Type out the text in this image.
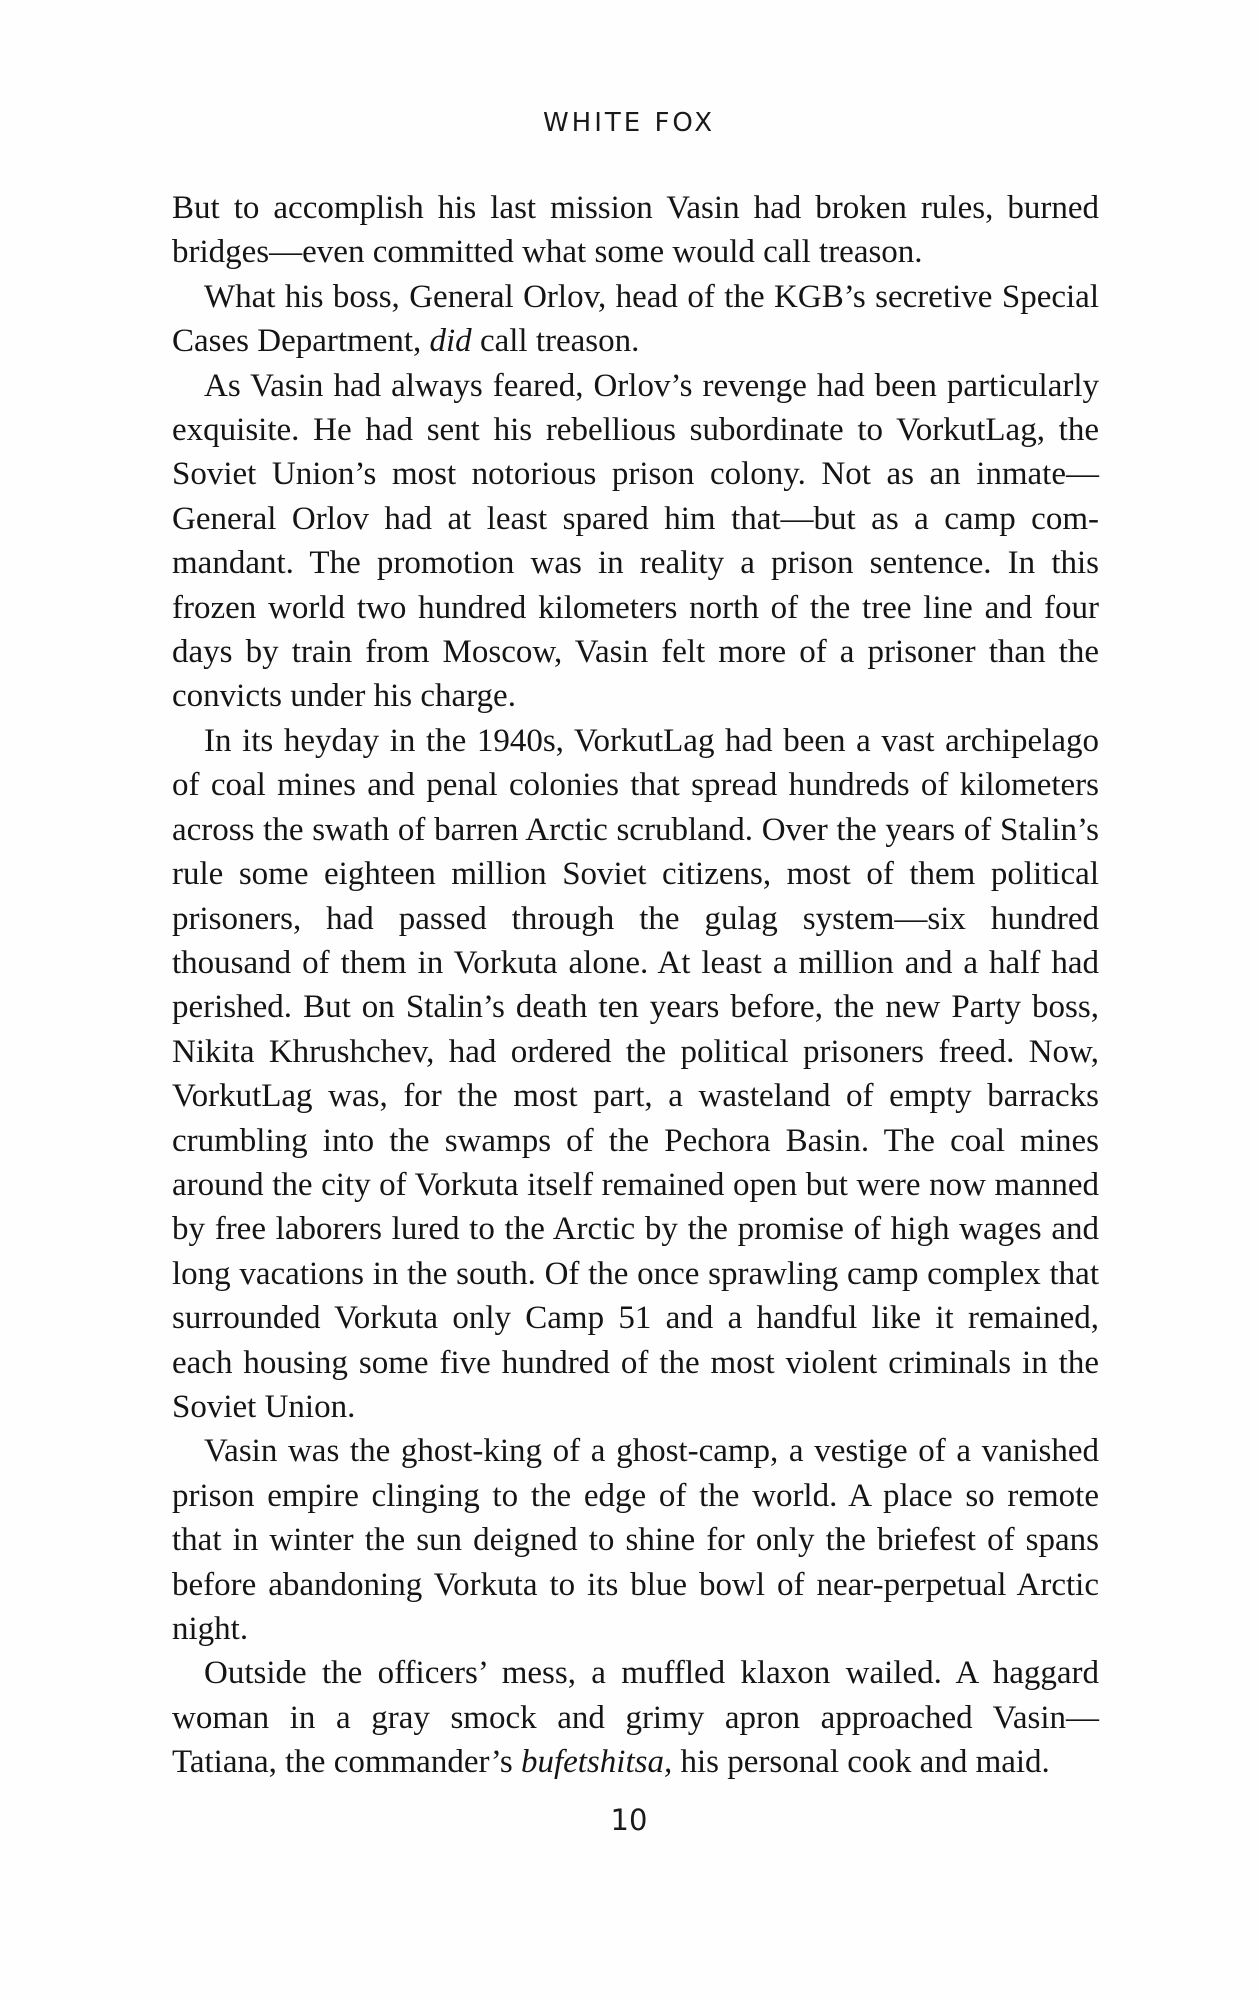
WHITE FOX

But to accomplish his last mission Vasin had broken rules, burned bridges—even committed what some would call treason.

What his boss, General Orlov, head of the KGB’s secretive Special Cases Department, did call treason.

As Vasin had always feared, Orlov’s revenge had been particularly exquisite. He had sent his rebellious subordinate to VorkutLag, the Soviet Union’s most notorious prison colony. Not as an inmate— General Orlov had at least spared him that—but as a camp commandant. The promotion was in reality a prison sentence. In this frozen world two hundred kilometers north of the tree line and four days by train from Moscow, Vasin felt more of a prisoner than the convicts under his charge.

In its heyday in the 1940s, VorkutLag had been a vast archipelago of coal mines and penal colonies that spread hundreds of kilometers across the swath of barren Arctic scrubland. Over the years of Stalin’s rule some eighteen million Soviet citizens, most of them political prisoners, had passed through the gulag system—six hundred thousand of them in Vorkuta alone. At least a million and a half had perished. But on Stalin’s death ten years before, the new Party boss, Nikita Khrushchev, had ordered the political prisoners freed. Now, VorkutLag was, for the most part, a wasteland of empty barracks crumbling into the swamps of the Pechora Basin. The coal mines around the city of Vorkuta itself remained open but were now manned by free laborers lured to the Arctic by the promise of high wages and long vacations in the south. Of the once sprawling camp complex that surrounded Vorkuta only Camp 51 and a handful like it remained, each housing some five hundred of the most violent criminals in the Soviet Union.

Vasin was the ghost-king of a ghost-camp, a vestige of a vanished prison empire clinging to the edge of the world. A place so remote that in winter the sun deigned to shine for only the briefest of spans before abandoning Vorkuta to its blue bowl of near-perpetual Arctic night.

Outside the officers’ mess, a muffled klaxon wailed. A haggard woman in a gray smock and grimy apron approached Vasin— Tatiana, the commander’s bufetshitsa, his personal cook and maid.

10
